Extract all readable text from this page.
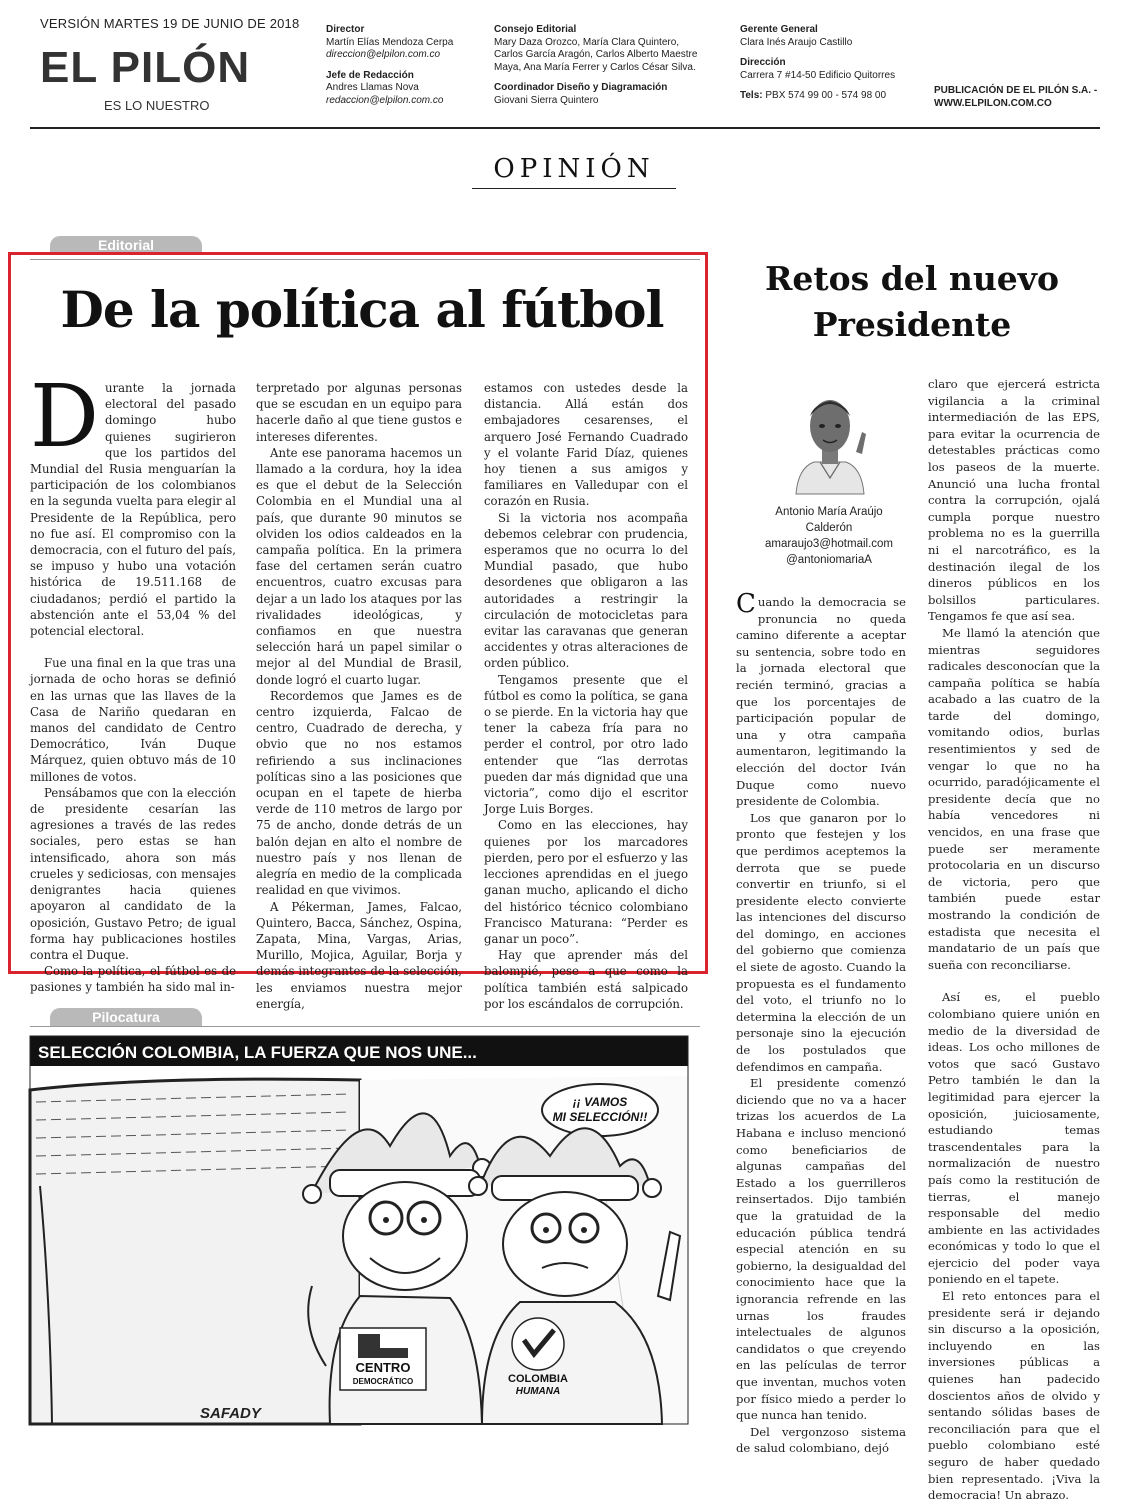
VERSIÓN MARTES 19 DE JUNIO DE 2018
EL PILÓN
ES LO NUESTRO
Director
Martín Elías Mendoza Cerpa
direccion@elpilon.com.co
Jefe de Redacción
Andres Llamas Nova
redaccion@elpilon.com.co
Consejo Editorial
Mary Daza Orozco, María Clara Quintero,
Carlos García Aragón, Carlos Alberto Maestre
Maya, Ana María Ferrer y Carlos César Silva.
Coordinador Diseño y Diagramación
Giovani Sierra Quintero
Gerente General
Clara Inés Araujo Castillo
Dirección
Carrera 7 #14-50 Edificio Quitorres
Tels: PBX 574 99 00 - 574 98 00	PUBLICACIÓN DE EL PILÓN S.A. -
WWW.ELPILON.COM.CO
OPINIÓN
Editorial
De la política al fútbol

Durante la jornada electoral del pasado domingo hubo quienes sugirieron que los partidos del Mundial del Rusia menguarían la participación de los colombianos en la segunda vuelta para elegir al Presidente de la República, pero no fue así. El compromiso con la democracia, con el futuro del país, se impuso y hubo una votación histórica de 19.511.168 de ciudadanos; perdió el partido la abstención ante el 53,04 % del potencial electoral.

Fue una final en la que tras una jornada de ocho horas se definió en las urnas que las llaves de la Casa de Nariño quedaran en manos del candidato de Centro Democrático, Iván Duque Márquez, quien obtuvo más de 10 millones de votos.

Pensábamos que con la elección de presidente cesarían las agresiones a través de las redes sociales, pero estas se han intensificado, ahora son más crueles y sediciosas, con mensajes denigrantes hacia quienes apoyaron al candidato de la oposición, Gustavo Petro; de igual forma hay publicaciones hostiles contra el Duque.

Como la política, el fútbol es de pasiones y también ha sido mal in-

terpretado por algunas personas que se escudan en un equipo para hacerle daño al que tiene gustos e intereses diferentes.

Ante ese panorama hacemos un llamado a la cordura, hoy la idea es que el debut de la Selección Colombia en el Mundial una al país, que durante 90 minutos se olviden los odios caldeados en la campaña política. En la primera fase del certamen serán cuatro encuentros, cuatro excusas para dejar a un lado los ataques por las rivalidades ideológicas, y confiamos en que nuestra selección hará un papel similar o mejor al del Mundial de Brasil, donde logró el cuarto lugar.

Recordemos que James es de centro izquierda, Falcao de centro, Cuadrado de derecha, y obvio que no nos estamos refiriendo a sus inclinaciones políticas sino a las posiciones que ocupan en el tapete de hierba verde de 110 metros de largo por 75 de ancho, donde detrás de un balón dejan en alto el nombre de nuestro país y nos llenan de alegría en medio de la complicada realidad en que vivimos.

A Pékerman, James, Falcao, Quintero, Bacca, Sánchez, Ospina, Zapata, Mina, Vargas, Arias, Murillo, Mojica, Aguilar, Borja y demás integrantes de la selección, les enviamos nuestra mejor energía,

estamos con ustedes desde la distancia. Allá están dos embajadores cesarenses, el arquero José Fernando Cuadrado y el volante Farid Díaz, quienes hoy tienen a sus amigos y familiares en Valledupar con el corazón en Rusia.

Si la victoria nos acompaña debemos celebrar con prudencia, esperamos que no ocurra lo del Mundial pasado, que hubo desordenes que obligaron a las autoridades a restringir la circulación de motocicletas para evitar las caravanas que generan accidentes y otras alteraciones de orden público.

Tengamos presente que el fútbol es como la política, se gana o se pierde. En la victoria hay que tener la cabeza fría para no perder el control, por otro lado entender que “las derrotas pueden dar más dignidad que una victoria”, como dijo el escritor Jorge Luis Borges.

Como en las elecciones, hay quienes por los marcadores pierden, pero por el esfuerzo y las lecciones aprendidas en el juego ganan mucho, aplicando el dicho del histórico técnico colombiano Francisco Maturana: “Perder es ganar un poco”.

Hay que aprender más del balompié, pese a que como la política también está salpicado por los escándalos de corrupción.

Retos del nuevo Presidente
Antonio María Araújo
Calderón
amaraujo3@hotmail.com
@antoniomariaA

Cuando la democracia se pronuncia no queda camino diferente a aceptar su sentencia, sobre todo en la jornada electoral que recién terminó, gracias a que los porcentajes de participación popular de una y otra campaña aumentaron, legitimando la elección del doctor Iván Duque como nuevo presidente de Colombia.

Los que ganaron por lo pronto que festejen y los que perdimos aceptemos la derrota que se puede convertir en triunfo, si el presidente electo convierte las intenciones del discurso del domingo, en acciones del gobierno que comienza el siete de agosto. Cuando la propuesta es el fundamento del voto, el triunfo no lo determina la elección de un personaje sino la ejecución de los postulados que defendimos en campaña.

El presidente comenzó diciendo que no va a hacer trizas los acuerdos de La Habana e incluso mencionó como beneficiarios de algunas campañas del Estado a los guerrilleros reinsertados. Dijo también que la gratuidad de la educación pública tendrá especial atención en su gobierno, la desigualdad del conocimiento hace que la ignorancia refrende en las urnas los fraudes intelectuales de algunos candidatos o que creyendo en las películas de terror que inventan, muchos voten por físico miedo a perder lo que nunca han tenido.

Del vergonzoso sistema de salud colombiano, dejó

claro que ejercerá estricta vigilancia a la criminal intermediación de las EPS, para evitar la ocurrencia de detestables prácticas como los paseos de la muerte. Anunció una lucha frontal contra la corrupción, ojalá cumpla porque nuestro problema no es la guerrilla ni el narcotráfico, es la destinación ilegal de los dineros públicos en los bolsillos particulares. Tengamos fe que así sea.

Me llamó la atención que mientras seguidores radicales desconocían que la campaña política se había acabado a las cuatro de la tarde del domingo, vomitando odios, burlas resentimientos y sed de vengar lo que no ha ocurrido, paradójicamente el presidente decía que no había vencedores ni vencidos, en una frase que puede ser meramente protocolaria en un discurso de victoria, pero que también puede estar mostrando la condición de estadista que necesita el mandatario de un país que sueña con reconciliarse.

Así es, el pueblo colombiano quiere unión en medio de la diversidad de ideas. Los ocho millones de votos que sacó Gustavo Petro también le dan la legitimidad para ejercer la oposición, juiciosamente, estudiando temas trascendentales para la normalización de nuestro país como la restitución de tierras, el manejo responsable del medio ambiente en las actividades económicas y todo lo que el ejercicio del poder vaya poniendo en el tapete.

El reto entonces para el presidente será ir dejando sin discurso a la oposición, incluyendo en las inversiones públicas a quienes han padecido doscientos años de olvido y sentando sólidas bases de reconciliación para que el pueblo colombiano esté seguro de haber quedado bien representado. ¡Viva la democracia! Un abrazo.

Pilocatura
SELECCIÓN COLOMBIA, LA FUERZA QUE NOS UNE...
¡¡ VAMOS
MI SELECCIÓN!!
CENTRO
DEMOCRÁTICO	COLOMBIA
HUMANA
SAFADY
